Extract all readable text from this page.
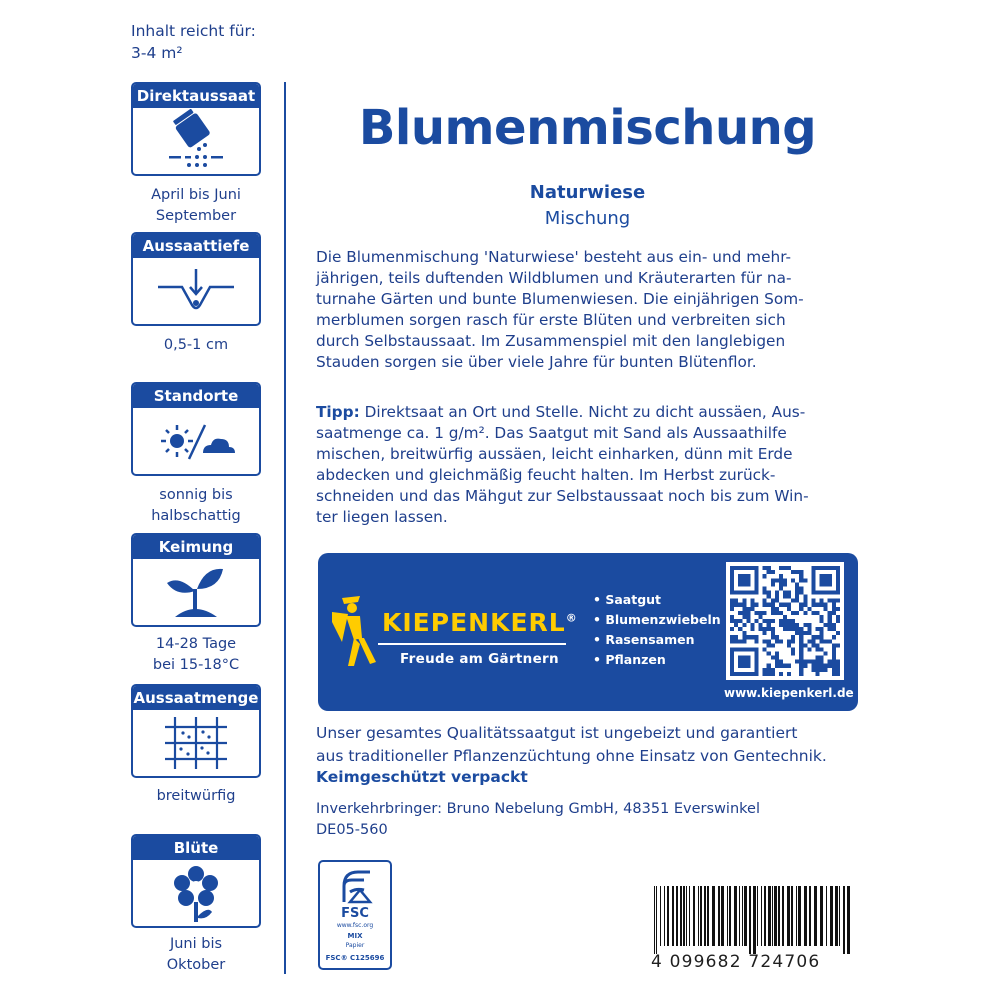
Inhalt reicht für:
3-4 m²
Direktaussaat
April bis Juni
September
Aussaattiefe
0,5-1 cm
Standorte
sonnig bis
halbschattig
Keimung
14-28 Tage
bei 15-18°C
Aussaatmenge
breitwürfig
Blüte
Juni bis
Oktober
Blumenmischung
Naturwiese
Mischung
Die Blumenmischung 'Naturwiese' besteht aus ein- und mehr-
jährigen, teils duftenden Wildblumen und Kräuterarten für na-
turnahe Gärten und bunte Blumenwiesen. Die einjährigen Som-
merblumen sorgen rasch für erste Blüten und verbreiten sich
durch Selbstaussaat. Im Zusammenspiel mit den langlebigen
Stauden sorgen sie über viele Jahre für bunten Blütenflor.
Tipp: Direktsaat an Ort und Stelle. Nicht zu dicht aussäen, Aus-
saatmenge ca. 1 g/m². Das Saatgut mit Sand als Aussaathilfe
mischen, breitwürfig aussäen, leicht einharken, dünn mit Erde
abdecken und gleichmäßig feucht halten. Im Herbst zurück-
schneiden und das Mähgut zur Selbstaussaat noch bis zum Win-
ter liegen lassen.
KIEPENKERL®
Freude am Gärtnern
• Saatgut
• Blumenzwiebeln
• Rasensamen
• Pflanzen
www.kiepenkerl.de
Unser gesamtes Qualitätssaatgut ist ungebeizt und garantiert
aus traditioneller Pflanzenzüchtung ohne Einsatz von Gentechnik.
Keimgeschützt verpackt
Inverkehrbringer: Bruno Nebelung GmbH, 48351 Everswinkel
DE05-560
FSC
www.fsc.org
MIX
Papier
FSC® C125696	4 099682 724706
